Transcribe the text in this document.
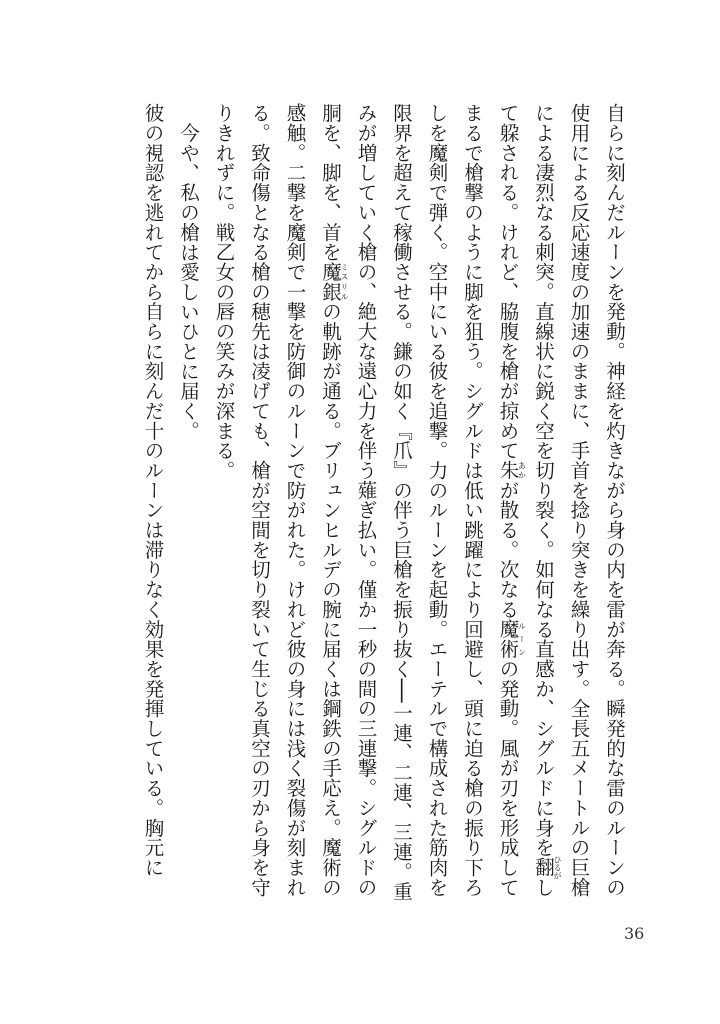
自らに刻んだルーンを発動。神経を灼きながら身の内を雷が奔る。瞬発的な雷のルーンの使用による反応速度の加速のままに、手首を捻り突きを繰り出す。全長五メートルの巨槍による凄烈なる刺突。直線状に鋭く空を切り裂く。如何なる直感か、シグルドに身を翻ひるがして躱される。けれど、脇腹を槍が掠めて朱あかが散る。次なる魔術ルーンの発動。風が刃を形成してまるで槍撃のように脚を狙う。シグルドは低い跳躍により回避し、頭に迫る槍の振り下ろしを魔剣で弾く。空中にいる彼を追撃。力のルーンを起動。エーテルで構成された筋肉を限界を超えて稼働させる。鎌の如く『爪』の伴う巨槍を振り抜く──一連、二連、三連。重みが増していく槍の、絶大な遠心力を伴う薙ぎ払い。僅か一秒の間の三連撃。シグルドの胴を、脚を、首を魔銀ミスリルの軌跡が通る。ブリュンヒルデの腕に届くは鋼鉄の手応え。魔術の感触。二撃を魔剣で一撃を防御のルーンで防がれた。けれど彼の身には浅く裂傷が刻まれる。致命傷となる槍の穂先は凌げても、槍が空間を切り裂いて生じる真空の刃から身を守りきれずに。戦乙女の唇の笑みが深まる。

今や、私の槍は愛しいひとに届く。

彼の視認を逃れてから自らに刻んだ十のルーンは滞りなく効果を発揮している。胸元に

36
